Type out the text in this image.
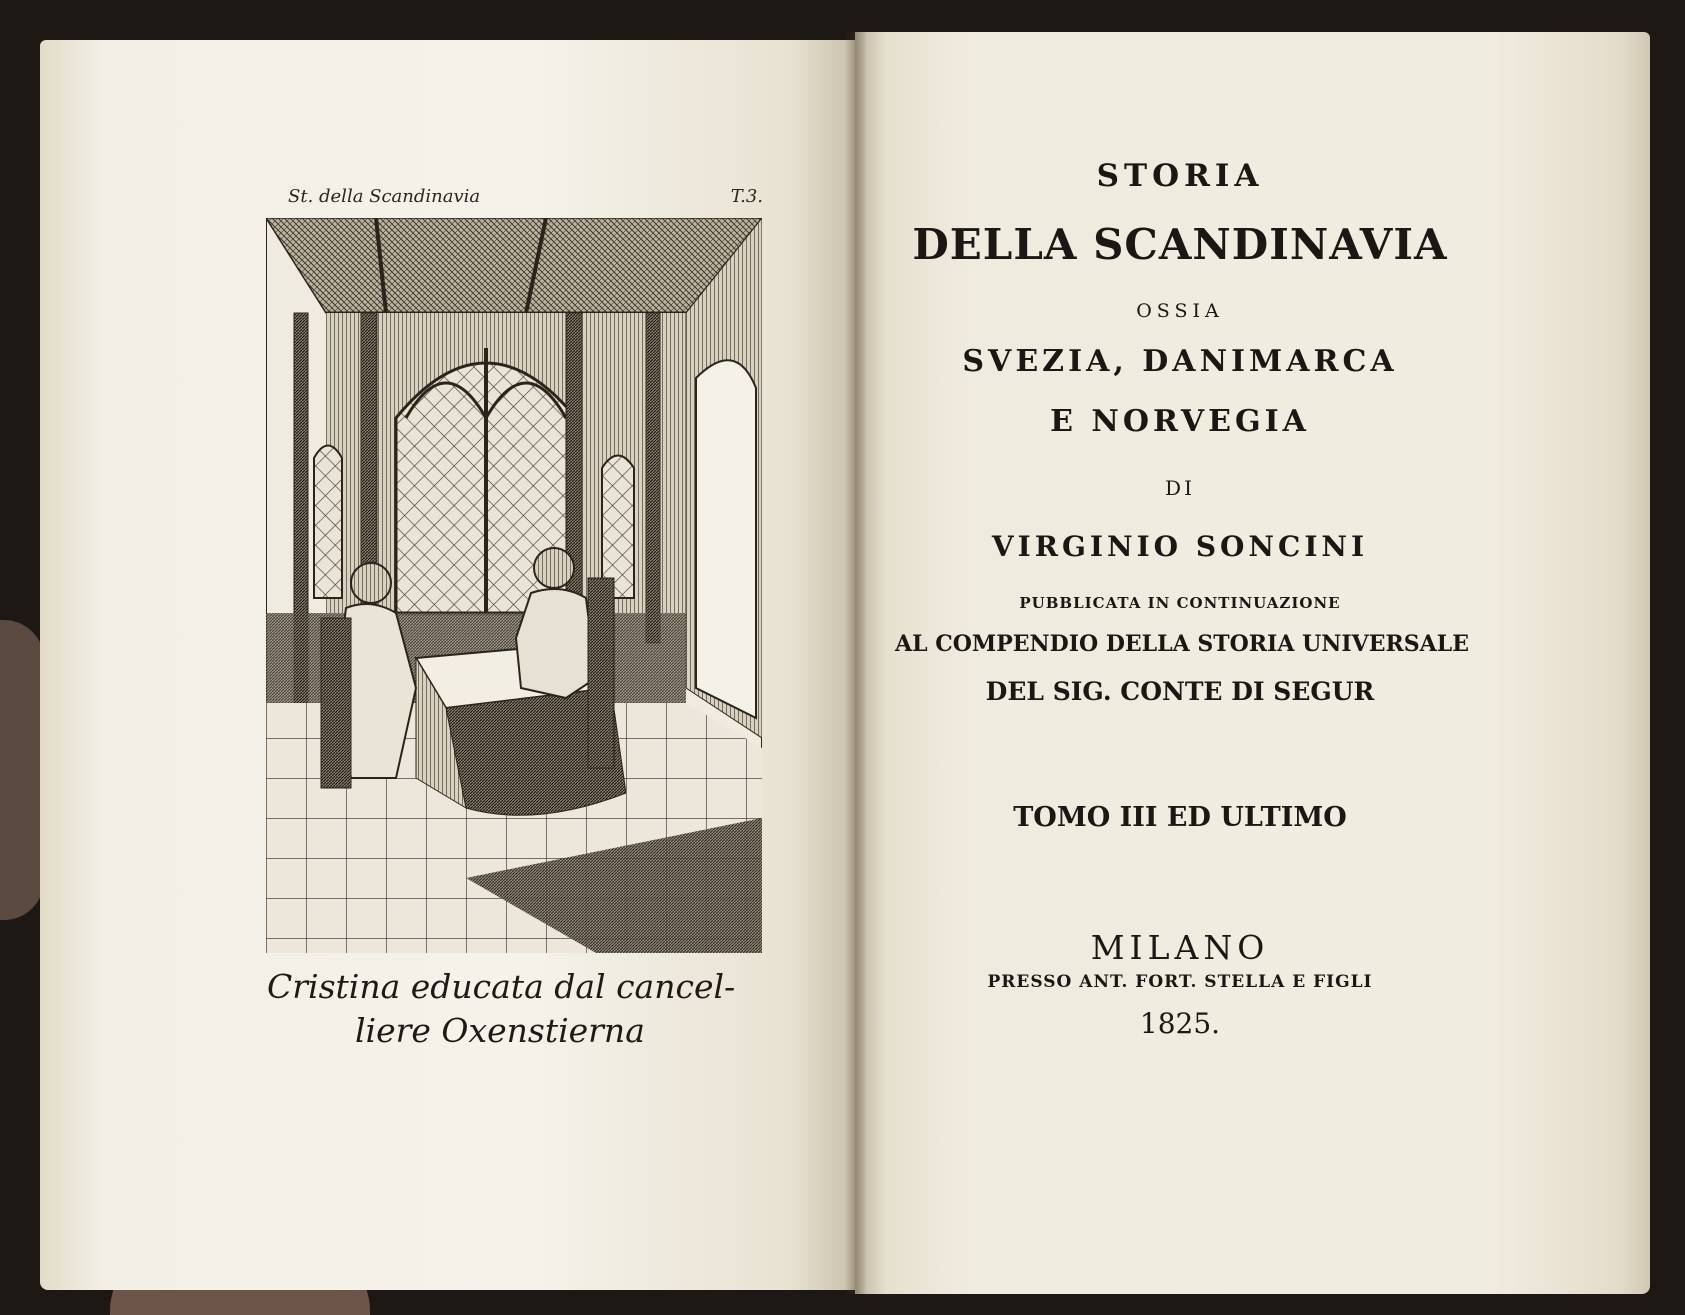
St. della Scandinavia	T.3.
Cristina educata dal cancel-
liere Oxenstierna
STORIA
DELLA SCANDINAVIA
OSSIA
SVEZIA, DANIMARCA
E NORVEGIA
DI
VIRGINIO SONCINI
PUBBLICATA IN CONTINUAZIONE
AL COMPENDIO DELLA STORIA UNIVERSALE
DEL SIG. CONTE DI SEGUR
TOMO III ED ULTIMO
MILANO
PRESSO ANT. FORT. STELLA E FIGLI
1825.
